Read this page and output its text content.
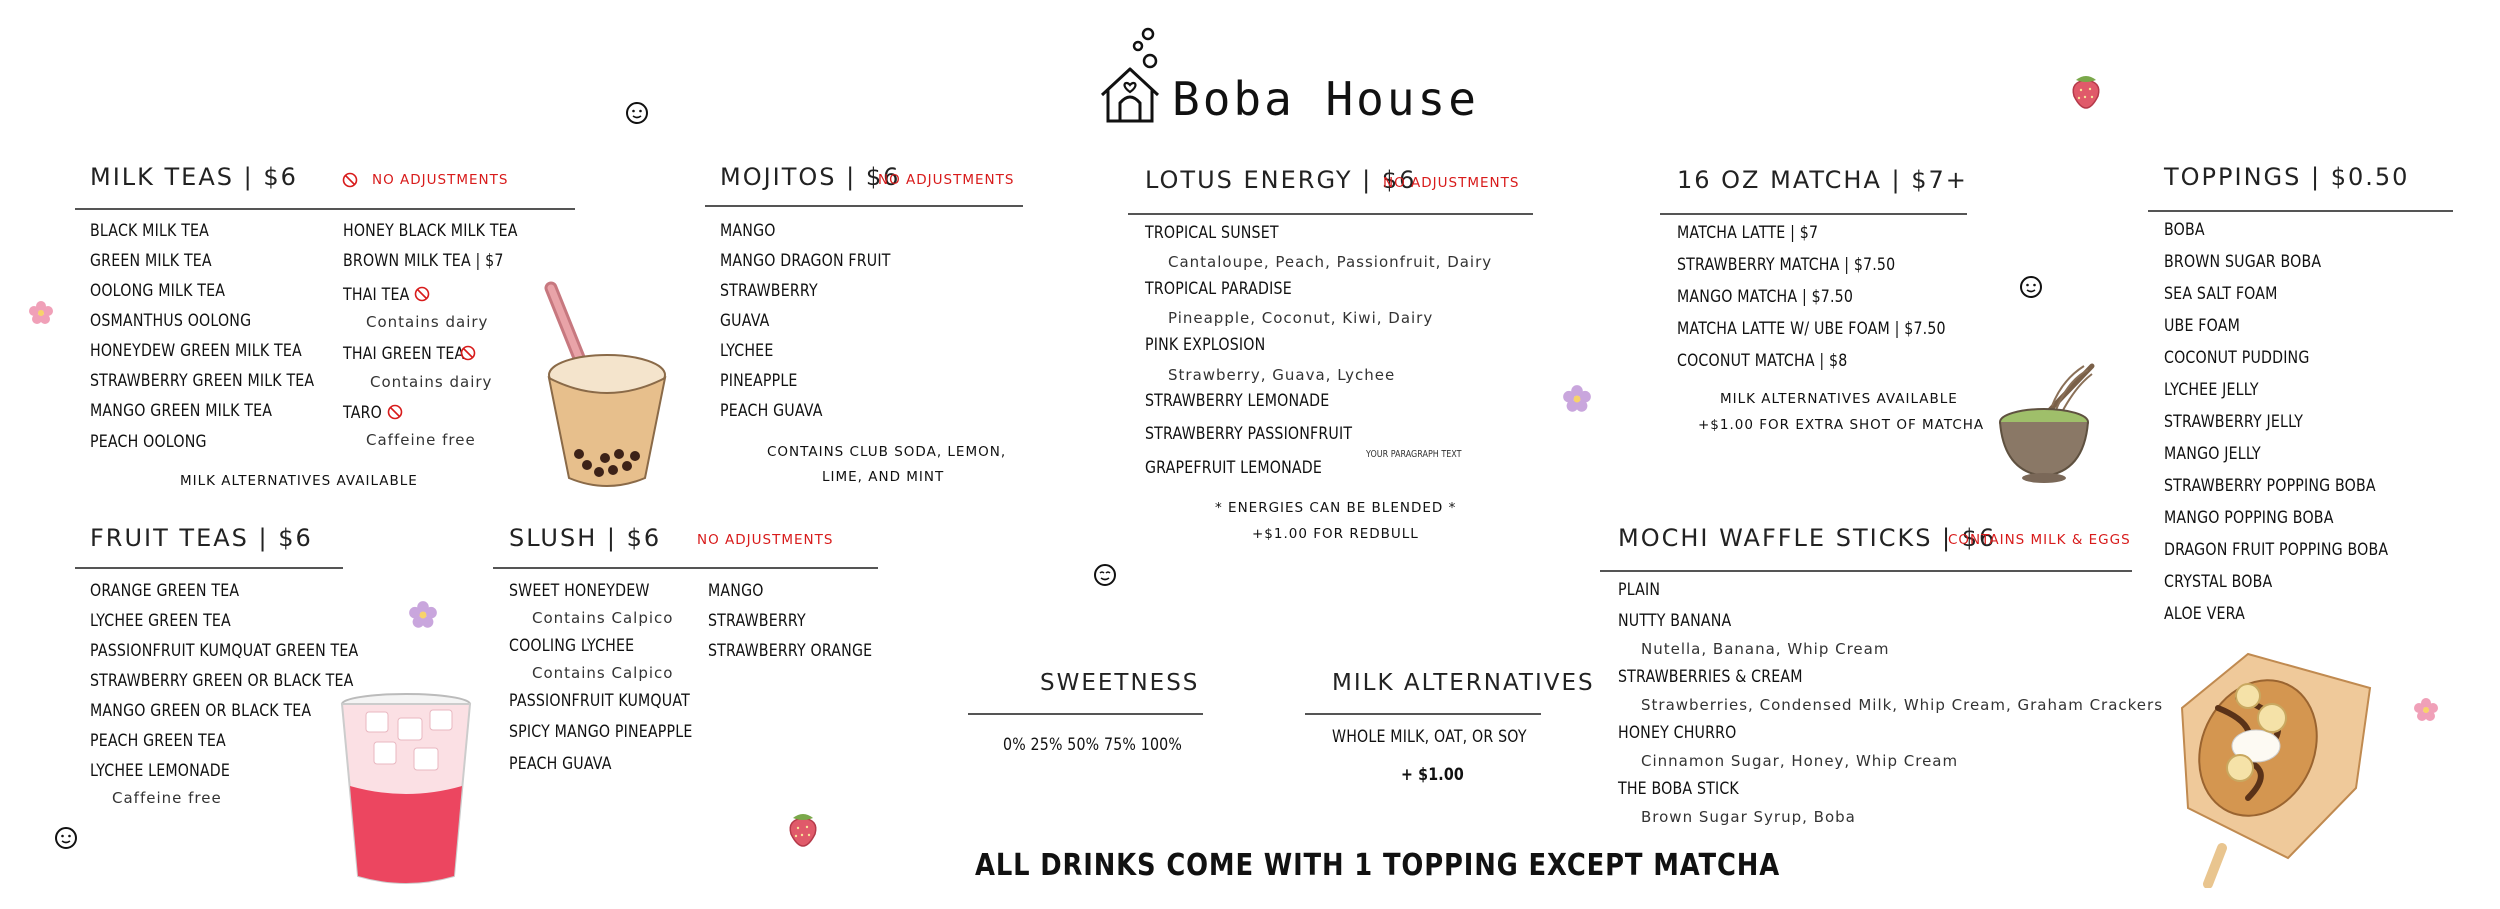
Boba House
MILK TEAS | $6	NO ADJUSTMENTS
BLACK MILK TEA
GREEN MILK TEA
OOLONG MILK TEA
OSMANTHUS OOLONG
HONEYDEW GREEN MILK TEA
STRAWBERRY GREEN MILK TEA
MANGO GREEN MILK TEA
PEACH OOLONG
HONEY BLACK MILK TEA
BROWN MILK TEA | $7
THAI TEA
Contains dairy
THAI GREEN TEA
Contains dairy
TARO
Caffeine free
MILK ALTERNATIVES AVAILABLE
MOJITOS | $6
NO ADJUSTMENTS
MANGO
MANGO DRAGON FRUIT
STRAWBERRY
GUAVA
LYCHEE
PINEAPPLE
PEACH GUAVA
CONTAINS CLUB SODA, LEMON,
LIME, AND MINT
LOTUS ENERGY | $6
NO ADJUSTMENTS
TROPICAL SUNSET
Cantaloupe, Peach, Passionfruit, Dairy
TROPICAL PARADISE
Pineapple, Coconut, Kiwi, Dairy
PINK EXPLOSION
Strawberry, Guava, Lychee
STRAWBERRY LEMONADE
STRAWBERRY PASSIONFRUIT
GRAPEFRUIT LEMONADE
YOUR PARAGRAPH TEXT
* ENERGIES CAN BE BLENDED *
+$1.00 FOR REDBULL
16 OZ MATCHA | $7+
MATCHA LATTE | $7
STRAWBERRY MATCHA | $7.50
MANGO MATCHA | $7.50
MATCHA LATTE W/ UBE FOAM | $7.50
COCONUT MATCHA | $8
MILK ALTERNATIVES AVAILABLE
+$1.00 FOR EXTRA SHOT OF MATCHA
TOPPINGS | $0.50
BOBA
BROWN SUGAR BOBA
SEA SALT FOAM
UBE FOAM
COCONUT PUDDING
LYCHEE JELLY
STRAWBERRY JELLY
MANGO JELLY
STRAWBERRY POPPING BOBA
MANGO POPPING BOBA
DRAGON FRUIT POPPING BOBA
CRYSTAL BOBA
ALOE VERA
FRUIT TEAS | $6
ORANGE GREEN TEA
LYCHEE GREEN TEA
PASSIONFRUIT KUMQUAT GREEN TEA
STRAWBERRY GREEN OR BLACK TEA
MANGO GREEN OR BLACK TEA
PEACH GREEN TEA
LYCHEE LEMONADE
Caffeine free
SLUSH | $6	NO ADJUSTMENTS
SWEET HONEYDEW
Contains Calpico
COOLING LYCHEE
Contains Calpico
PASSIONFRUIT KUMQUAT
SPICY MANGO PINEAPPLE
PEACH GUAVA
MANGO
STRAWBERRY
STRAWBERRY ORANGE
SWEETNESS
0% 25% 50% 75% 100%
MILK ALTERNATIVES
WHOLE MILK, OAT, OR SOY
+ $1.00
MOCHI WAFFLE STICKS | $6
CONTAINS MILK & EGGS
PLAIN
NUTTY BANANA
Nutella, Banana, Whip Cream
STRAWBERRIES & CREAM
Strawberries, Condensed Milk, Whip Cream, Graham Crackers
HONEY CHURRO
Cinnamon Sugar, Honey, Whip Cream
THE BOBA STICK
Brown Sugar Syrup, Boba
ALL DRINKS COME WITH 1 TOPPING EXCEPT MATCHA
